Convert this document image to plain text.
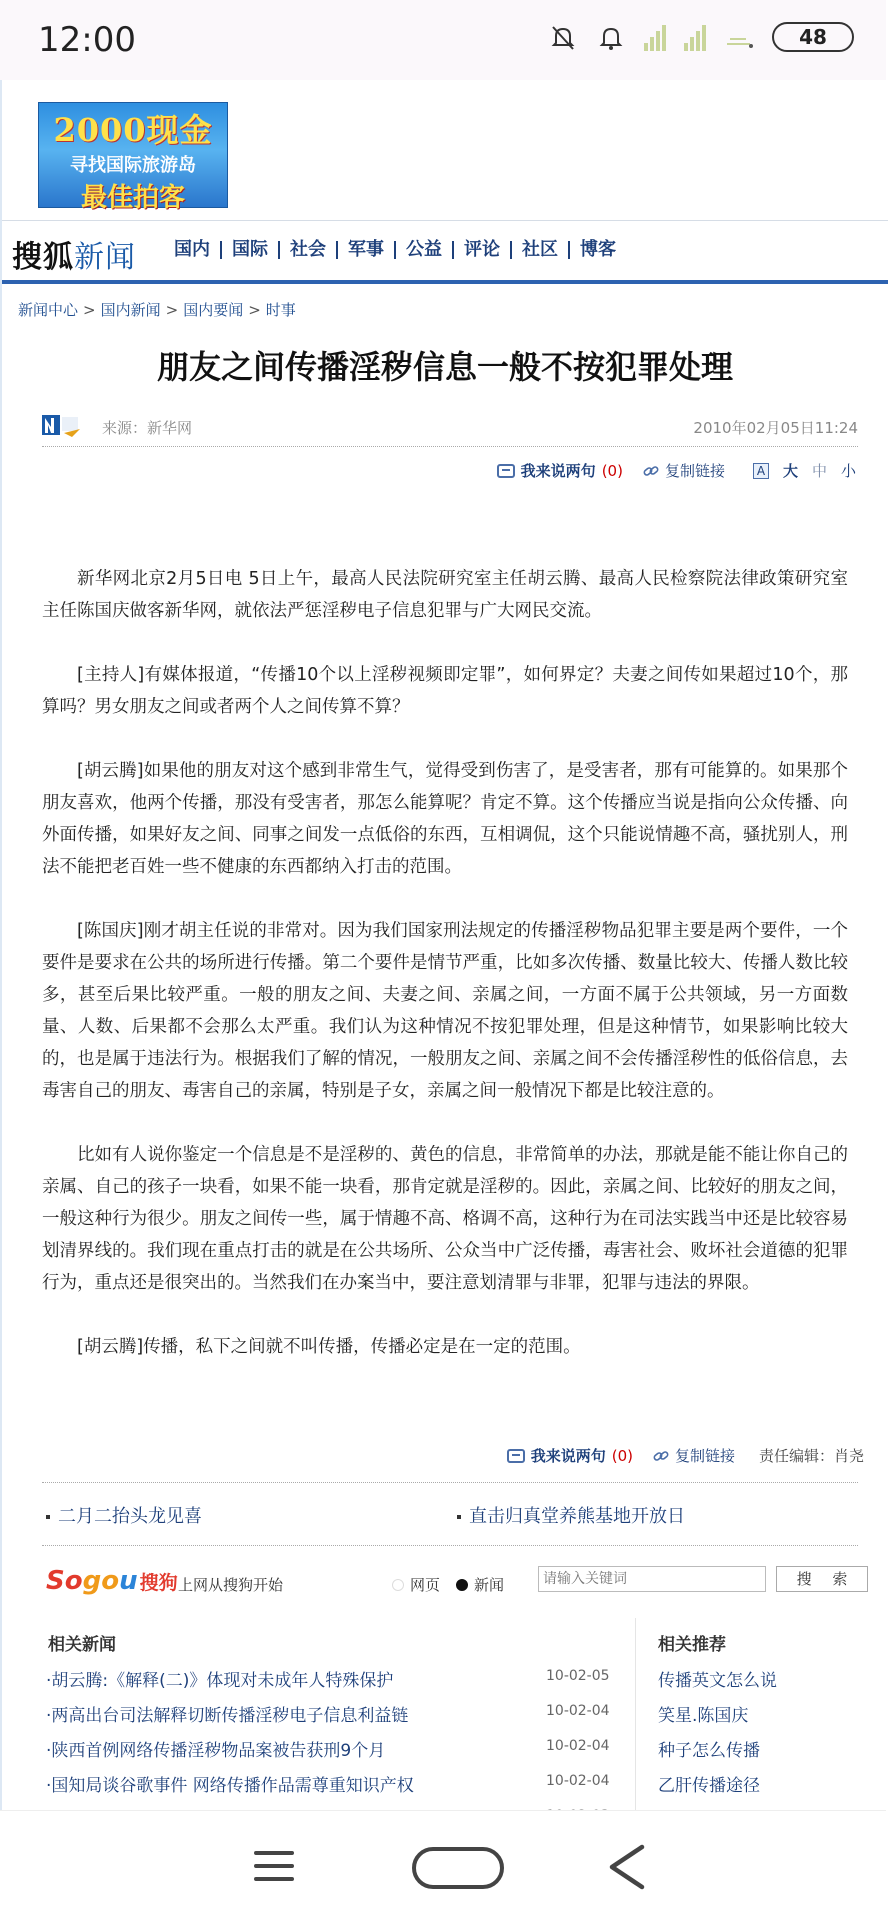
12:00	48
2000现金
寻找国际旅游岛
最佳拍客
搜狐新闻 国内	国际	社会	军事	公益	评论	社区	博客
新闻中心 > 国内新闻 > 国内要闻 > 时事
朋友之间传播淫秽信息一般不按犯罪处理
来源：新华网	2010年02月05日11:24
我来说两句 (0)	复制链接	A 大 中 小

新华网北京2月5日电 5日上午，最高人民法院研究室主任胡云腾、最高人民检察院法律政策研究室主任陈国庆做客新华网，就依法严惩淫秽电子信息犯罪与广大网民交流。

[主持人]有媒体报道，“传播10个以上淫秽视频即定罪”，如何界定？夫妻之间传如果超过10个，那算吗？男女朋友之间或者两个人之间传算不算？

[胡云腾]如果他的朋友对这个感到非常生气，觉得受到伤害了，是受害者，那有可能算的。如果那个朋友喜欢，他两个传播，那没有受害者，那怎么能算呢？肯定不算。这个传播应当说是指向公众传播、向外面传播，如果好友之间、同事之间发一点低俗的东西，互相调侃，这个只能说情趣不高，骚扰别人，刑法不能把老百姓一些不健康的东西都纳入打击的范围。

[陈国庆]刚才胡主任说的非常对。因为我们国家刑法规定的传播淫秽物品犯罪主要是两个要件，一个要件是要求在公共的场所进行传播。第二个要件是情节严重，比如多次传播、数量比较大、传播人数比较多，甚至后果比较严重。一般的朋友之间、夫妻之间、亲属之间，一方面不属于公共领域，另一方面数量、人数、后果都不会那么太严重。我们认为这种情况不按犯罪处理，但是这种情节，如果影响比较大的，也是属于违法行为。根据我们了解的情况，一般朋友之间、亲属之间不会传播淫秽性的低俗信息，去毒害自己的朋友、毒害自己的亲属，特别是子女，亲属之间一般情况下都是比较注意的。

比如有人说你鉴定一个信息是不是淫秽的、黄色的信息，非常简单的办法，那就是能不能让你自己的亲属、自己的孩子一块看，如果不能一块看，那肯定就是淫秽的。因此，亲属之间、比较好的朋友之间，一般这种行为很少。朋友之间传一些，属于情趣不高、格调不高，这种行为在司法实践当中还是比较容易划清界线的。我们现在重点打击的就是在公共场所、公众当中广泛传播，毒害社会、败坏社会道德的犯罪行为，重点还是很突出的。当然我们在办案当中，要注意划清罪与非罪，犯罪与违法的界限。

[胡云腾]传播，私下之间就不叫传播，传播必定是在一定的范围。

我来说两句 (0)	复制链接 责任编辑：肖尧
二月二抬头龙见喜	直击归真堂养熊基地开放日
Sogou 搜狗 上网从搜狗开始	网页 新闻
请输入关键词	搜 索
相关新闻	相关推荐
·胡云腾:《解释(二)》体现对未成年人特殊保护	10-02-05
·两高出台司法解释切断传播淫秽电子信息利益链	10-02-04
·陕西首例网络传播淫秽物品案被告获刑9个月	10-02-04
·国知局谈谷歌事件 网络传播作品需尊重知识产权	10-02-04
传播英文怎么说
笑星.陈国庆
种子怎么传播
乙肝传播途径
